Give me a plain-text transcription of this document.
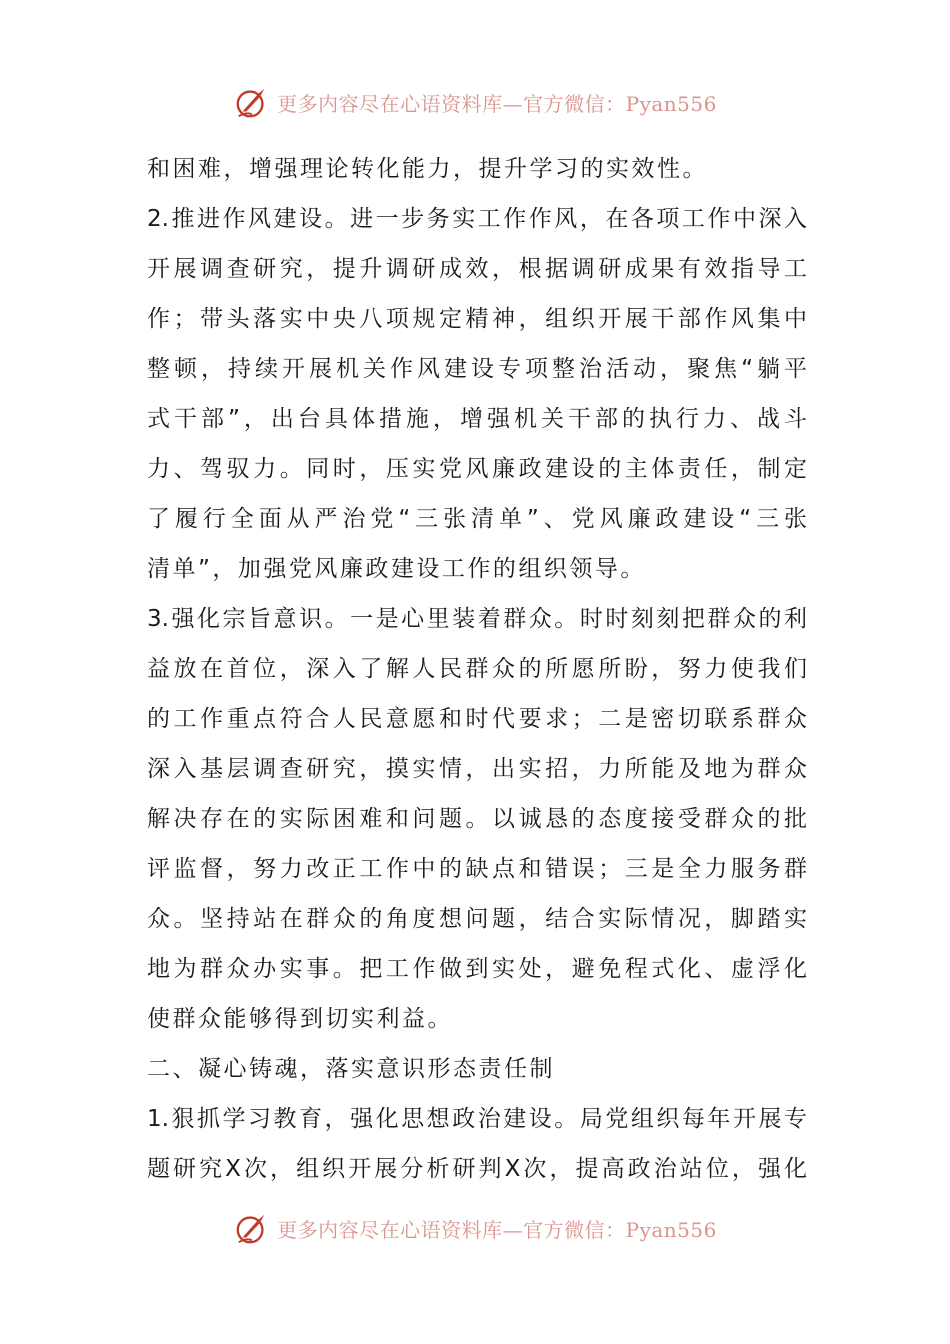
更多内容尽在心语资料库—官方微信：Pyan556
和困难，增强理论转化能力，提升学习的实效性。
2.推进作风建设。进一步务实工作作风，在各项工作中深入
开展调查研究，提升调研成效，根据调研成果有效指导工
作；带头落实中央八项规定精神，组织开展干部作风集中
整顿，持续开展机关作风建设专项整治活动，聚焦“躺平
式干部”，出台具体措施，增强机关干部的执行力、战斗
力、驾驭力。同时，压实党风廉政建设的主体责任，制定
了履行全面从严治党“三张清单”、党风廉政建设“三张
清单”，加强党风廉政建设工作的组织领导。
3.强化宗旨意识。一是心里装着群众。时时刻刻把群众的利
益放在首位，深入了解人民群众的所愿所盼，努力使我们
的工作重点符合人民意愿和时代要求；二是密切联系群众
深入基层调查研究，摸实情，出实招，力所能及地为群众
解决存在的实际困难和问题。以诚恳的态度接受群众的批
评监督，努力改正工作中的缺点和错误；三是全力服务群
众。坚持站在群众的角度想问题，结合实际情况，脚踏实
地为群众办实事。把工作做到实处，避免程式化、虚浮化
使群众能够得到切实利益。
二、凝心铸魂，落实意识形态责任制
1.狠抓学习教育，强化思想政治建设。局党组织每年开展专
题研究X次，组织开展分析研判X次，提高政治站位，强化
更多内容尽在心语资料库—官方微信：Pyan556
